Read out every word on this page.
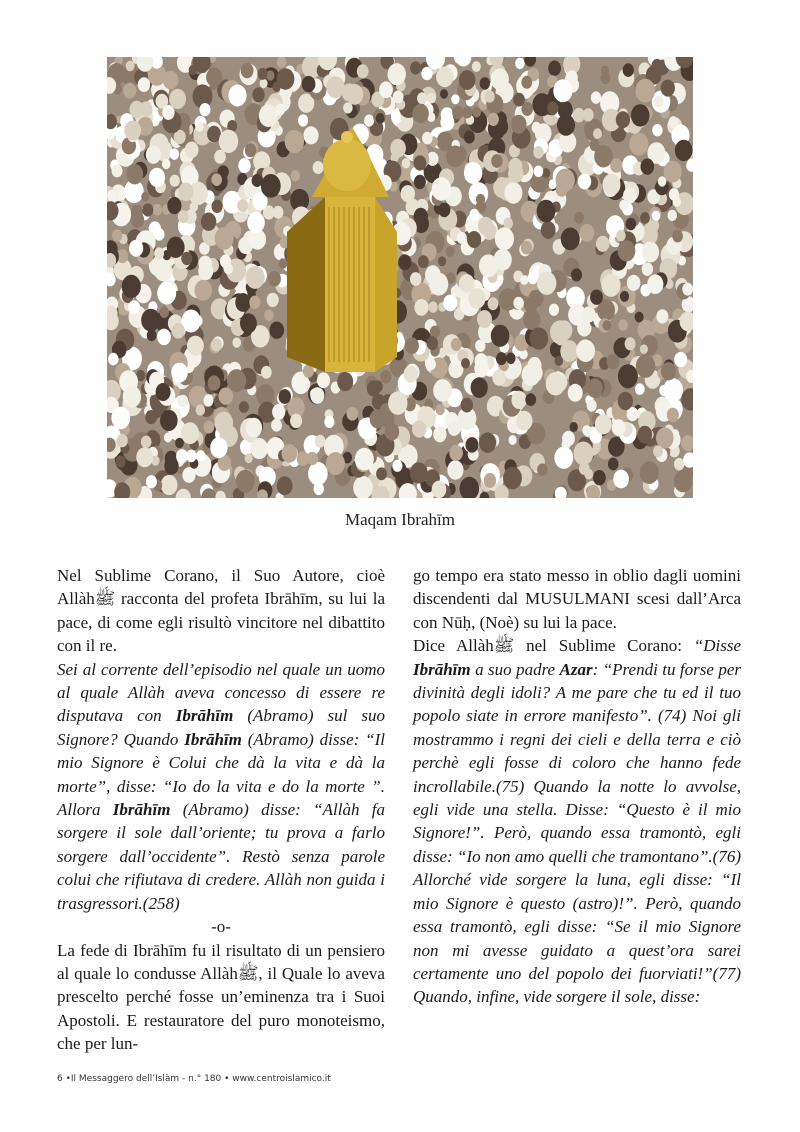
Maqam Ibrahīm

Nel Sublime Corano, il Suo Autore, cioè Allàhﷺ racconta del profeta Ibrāhīm, su lui la pace, di come egli risultò vincitore nel dibattito con il re.

Sei al corrente dell’episodio nel quale un uomo al quale Allàh aveva concesso di essere re disputava con Ibrāhīm (Abramo) sul suo Signore? Quando Ibrāhīm (Abramo) disse: “Il mio Signore è Colui che dà la vita e dà la morte”, disse: “Io do la vita e do la morte ”. Allora Ibrāhīm (Abramo) disse: “Allàh fa sorgere il sole dall’oriente; tu prova a farlo sorgere dall’occidente”. Restò senza parole colui che rifiutava di credere. Allàh non guida i trasgressori.(258)

-o-

La fede di Ibrāhīm fu il risultato di un pensiero al quale lo condusse Allàhﷺ, il Quale lo aveva prescelto perché fosse un’eminenza tra i Suoi Apostoli. E restauratore del puro monoteismo, che per lun-

go tempo era stato messo in oblio dagli uomini discendenti dal MUSULMANI scesi dall’Arca con Nūḥ, (Noè) su lui la pace.

Dice Allàhﷺ nel Sublime Corano: “Disse Ibrāhīm a suo padre Azar: “Prendi tu forse per divinità degli idoli? A me pare che tu ed il tuo popolo siate in errore manifesto”. (74) Noi gli mostrammo i regni dei cieli e della terra e ciò perchè egli fosse di coloro che hanno fede incrollabile.(75) Quando la notte lo avvolse, egli vide una stella. Disse: “Questo è il mio Signore!”. Però, quando essa tramontò, egli disse: “Io non amo quelli che tramontano”.(76) Allorché vide sorgere la luna, egli disse: “Il mio Signore è questo (astro)!”. Però, quando essa tramontò, egli disse: “Se il mio Signore non mi avesse guidato a quest’ora sarei certamente uno del popolo dei fuorviati!”(77) Quando, infine, vide sorgere il sole, disse:

6 •Il Messaggero dell’Islàm - n.° 180 • www.centroislamico.it
